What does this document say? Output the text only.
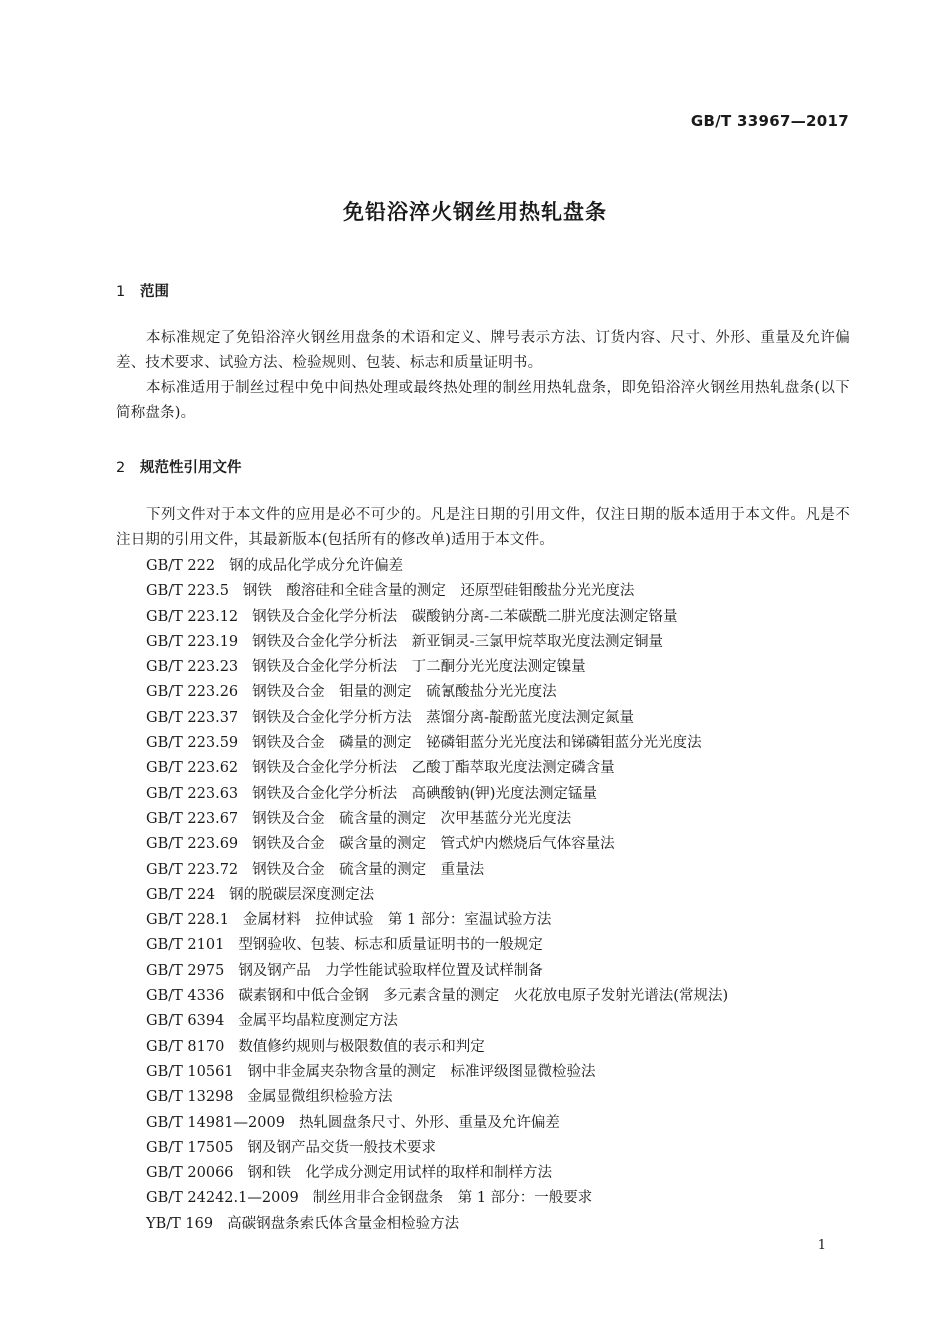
GB/T 33967—2017
免铅浴淬火钢丝用热轧盘条
1 范围

本标准规定了免铅浴淬火钢丝用盘条的术语和定义、牌号表示方法、订货内容、尺寸、外形、重量及允许偏差、技术要求、试验方法、检验规则、包装、标志和质量证明书。

本标准适用于制丝过程中免中间热处理或最终热处理的制丝用热轧盘条，即免铅浴淬火钢丝用热轧盘条(以下简称盘条)。

2 规范性引用文件

下列文件对于本文件的应用是必不可少的。凡是注日期的引用文件，仅注日期的版本适用于本文件。凡是不注日期的引用文件，其最新版本(包括所有的修改单)适用于本文件。

GB/T 222 钢的成品化学成分允许偏差
GB/T 223.5 钢铁　酸溶硅和全硅含量的测定　还原型硅钼酸盐分光光度法
GB/T 223.12 钢铁及合金化学分析法　碳酸钠分离-二苯碳酰二肼光度法测定铬量
GB/T 223.19 钢铁及合金化学分析法　新亚铜灵-三氯甲烷萃取光度法测定铜量
GB/T 223.23 钢铁及合金化学分析法　丁二酮分光光度法测定镍量
GB/T 223.26 钢铁及合金　钼量的测定　硫氰酸盐分光光度法
GB/T 223.37 钢铁及合金化学分析方法　蒸馏分离-靛酚蓝光度法测定氮量
GB/T 223.59 钢铁及合金　磷量的测定　铋磷钼蓝分光光度法和锑磷钼蓝分光光度法
GB/T 223.62 钢铁及合金化学分析法　乙酸丁酯萃取光度法测定磷含量
GB/T 223.63 钢铁及合金化学分析法　高碘酸钠(钾)光度法测定锰量
GB/T 223.67 钢铁及合金　硫含量的测定　次甲基蓝分光光度法
GB/T 223.69 钢铁及合金　碳含量的测定　管式炉内燃烧后气体容量法
GB/T 223.72 钢铁及合金　硫含量的测定　重量法
GB/T 224 钢的脱碳层深度测定法
GB/T 228.1 金属材料　拉伸试验　第 1 部分：室温试验方法
GB/T 2101 型钢验收、包装、标志和质量证明书的一般规定
GB/T 2975 钢及钢产品　力学性能试验取样位置及试样制备
GB/T 4336 碳素钢和中低合金钢　多元素含量的测定　火花放电原子发射光谱法(常规法)
GB/T 6394 金属平均晶粒度测定方法
GB/T 8170 数值修约规则与极限数值的表示和判定
GB/T 10561 钢中非金属夹杂物含量的测定　标准评级图显微检验法
GB/T 13298 金属显微组织检验方法
GB/T 14981—2009 热轧圆盘条尺寸、外形、重量及允许偏差
GB/T 17505 钢及钢产品交货一般技术要求
GB/T 20066 钢和铁　化学成分测定用试样的取样和制样方法
GB/T 24242.1—2009 制丝用非合金钢盘条　第 1 部分：一般要求
YB/T 169 高碳钢盘条索氏体含量金相检验方法
1
